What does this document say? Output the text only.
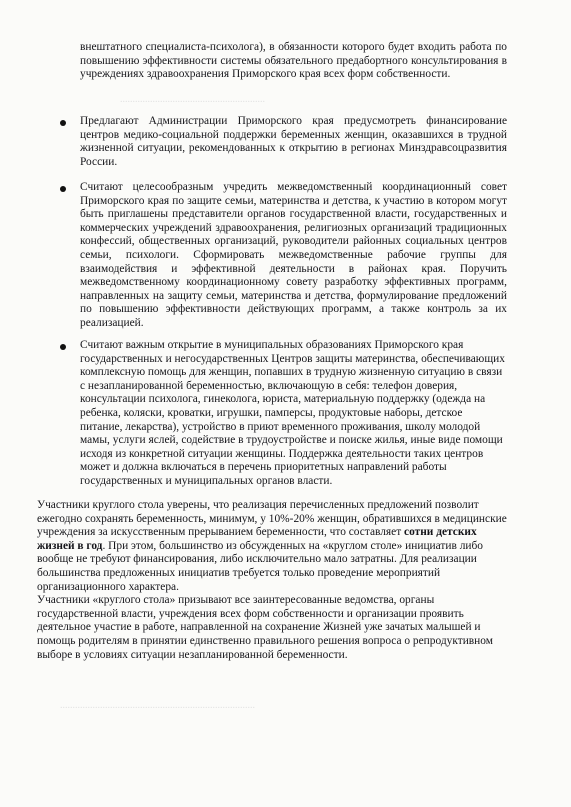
..........................................................
..............................................................................
внештатного специалиста-психолога), в обязанности которого будет входить работа по повышению эффективности системы обязательного предабортного консультирования в учреждениях здравоохранения Приморского края всех форм собственности.
Предлагают Администрации Приморского края предусмотреть финансирование центров медико-социальной поддержки беременных женщин, оказавшихся в трудной жизненной ситуации, рекомендованных к открытию в регионах Минздравсоцразвития России.
Считают целесообразным учредить межведомственный координационный совет Приморского края по защите семьи, материнства и детства, к участию в котором могут быть приглашены представители органов государственной власти, государственных и коммерческих учреждений здравоохранения, религиозных организаций традиционных конфессий, общественных организаций, руководители районных социальных центров семьи, психологи. Сформировать межведомственные рабочие группы для взаимодействия и эффективной деятельности в районах края. Поручить межведомственному координационному совету разработку эффективных программ, направленных на защиту семьи, материнства и детства, формулирование предложений по повышению эффективности действующих программ, а также контроль за их реализацией.
Считают важным открытие в муниципальных образованиях Приморского края государственных и негосударственных Центров защиты материнства, обеспечивающих комплексную помощь для женщин, попавших в трудную жизненную ситуацию в связи с незапланированной беременностью, включающую в себя: телефон доверия, консультации психолога, гинеколога, юриста, материальную поддержку (одежда на ребенка, коляски, кроватки, игрушки, памперсы, продуктовые наборы, детское питание, лекарства), устройство в приют временного проживания, школу молодой мамы, услуги яслей, содействие в трудоустройстве и поиске жилья, иные виде помощи исходя из конкретной ситуации женщины. Поддержка деятельности таких центров может и должна включаться в перечень приоритетных направлений работы государственных и муниципальных органов власти.
Участники круглого стола уверены, что реализация перечисленных предложений позволит ежегодно сохранять беременность, минимум, у 10%-20% женщин, обратившихся в медицинские учреждения за искусственным прерыванием беременности, что составляет сотни детских жизней в год. При этом, большинство из обсужденных на «круглом столе» инициатив либо вообще не требуют финансирования, либо исключительно мало затратны. Для реализации большинства предложенных инициатив требуется только проведение мероприятий организационного характера.
Участники «круглого стола» призывают все заинтересованные ведомства, органы государственной власти, учреждения всех форм собственности и организации проявить деятельное участие в работе, направленной на сохранение Жизней уже зачатых малышей и помощь родителям в принятии единственно правильного решения вопроса о репродуктивном выборе в условиях ситуации незапланированной беременности.
